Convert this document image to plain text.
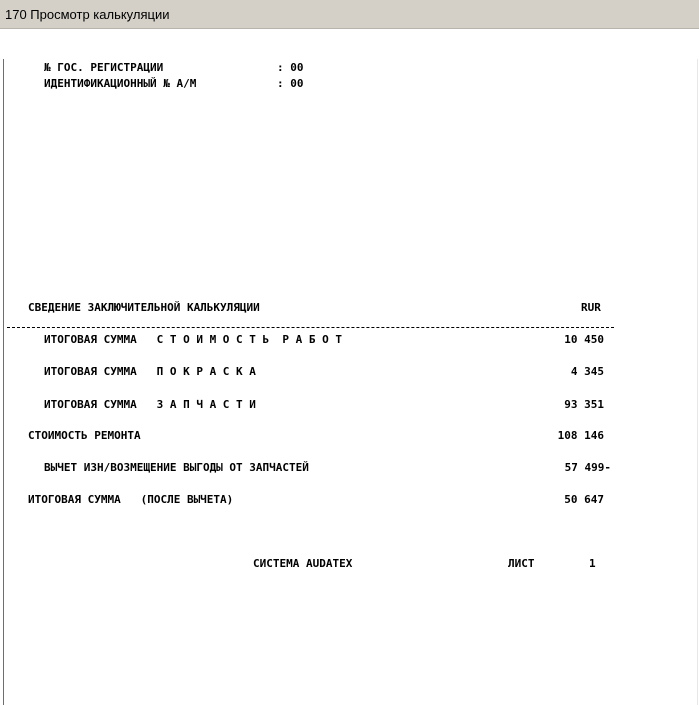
170 Просмотр калькуляции
№ ГОС. РЕГИСТРАЦИИ	: 00
ИДЕНТИФИКАЦИОННЫЙ № А/М	: 00
СВЕДЕНИЕ ЗАКЛЮЧИТЕЛЬНОЙ КАЛЬКУЛЯЦИИ	RUR
ИТОГОВАЯ СУММА   С Т О И М О С Т Ь  Р А Б О Т	10 450
ИТОГОВАЯ СУММА   П О К Р А С К А	4 345
ИТОГОВАЯ СУММА   З А П Ч А С Т И	93 351
СТОИМОСТЬ РЕМОНТА	108 146
ВЫЧЕТ ИЗН/ВОЗМЕЩЕНИЕ ВЫГОДЫ ОТ ЗАПЧАСТЕЙ	57 499-
ИТОГОВАЯ СУММА   (ПОСЛЕ ВЫЧЕТА)	50 647
СИСТЕМА AUDATEX	ЛИСТ	1
